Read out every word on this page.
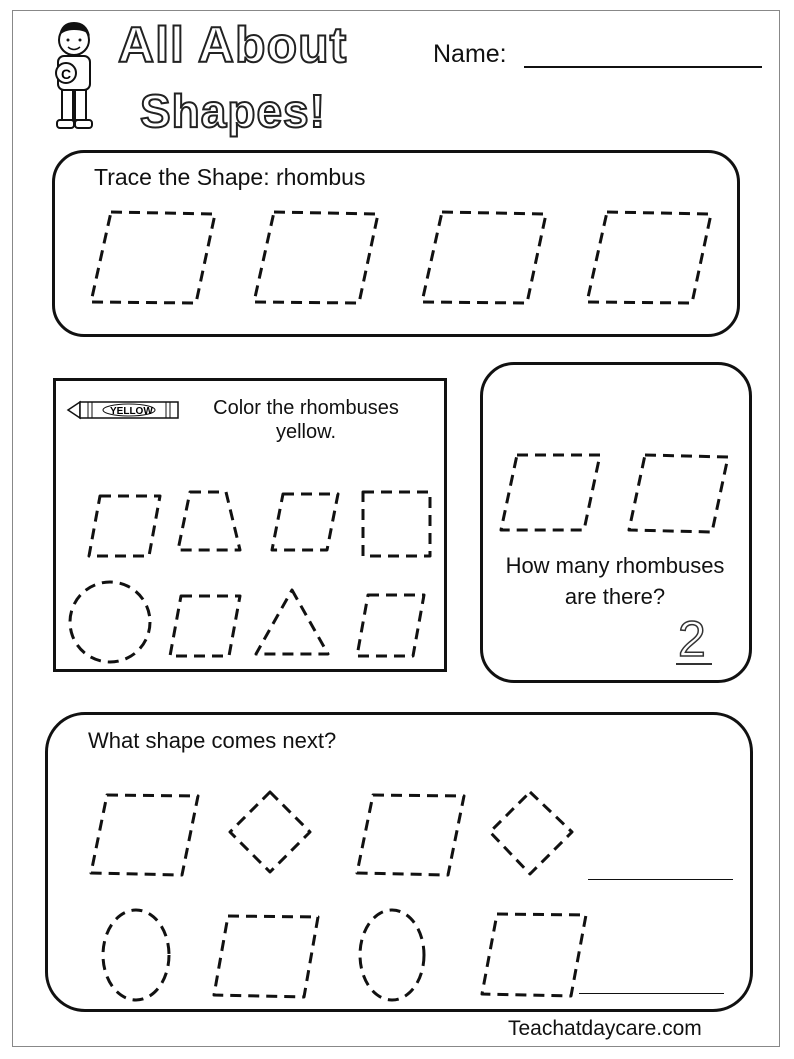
C
All About
Shapes!
Name:
Trace the Shape: rhombus
Color the rhombuses yellow.
How many rhombuses are there?
2
What shape comes next?
Teachatdaycare.com
YELLOW
